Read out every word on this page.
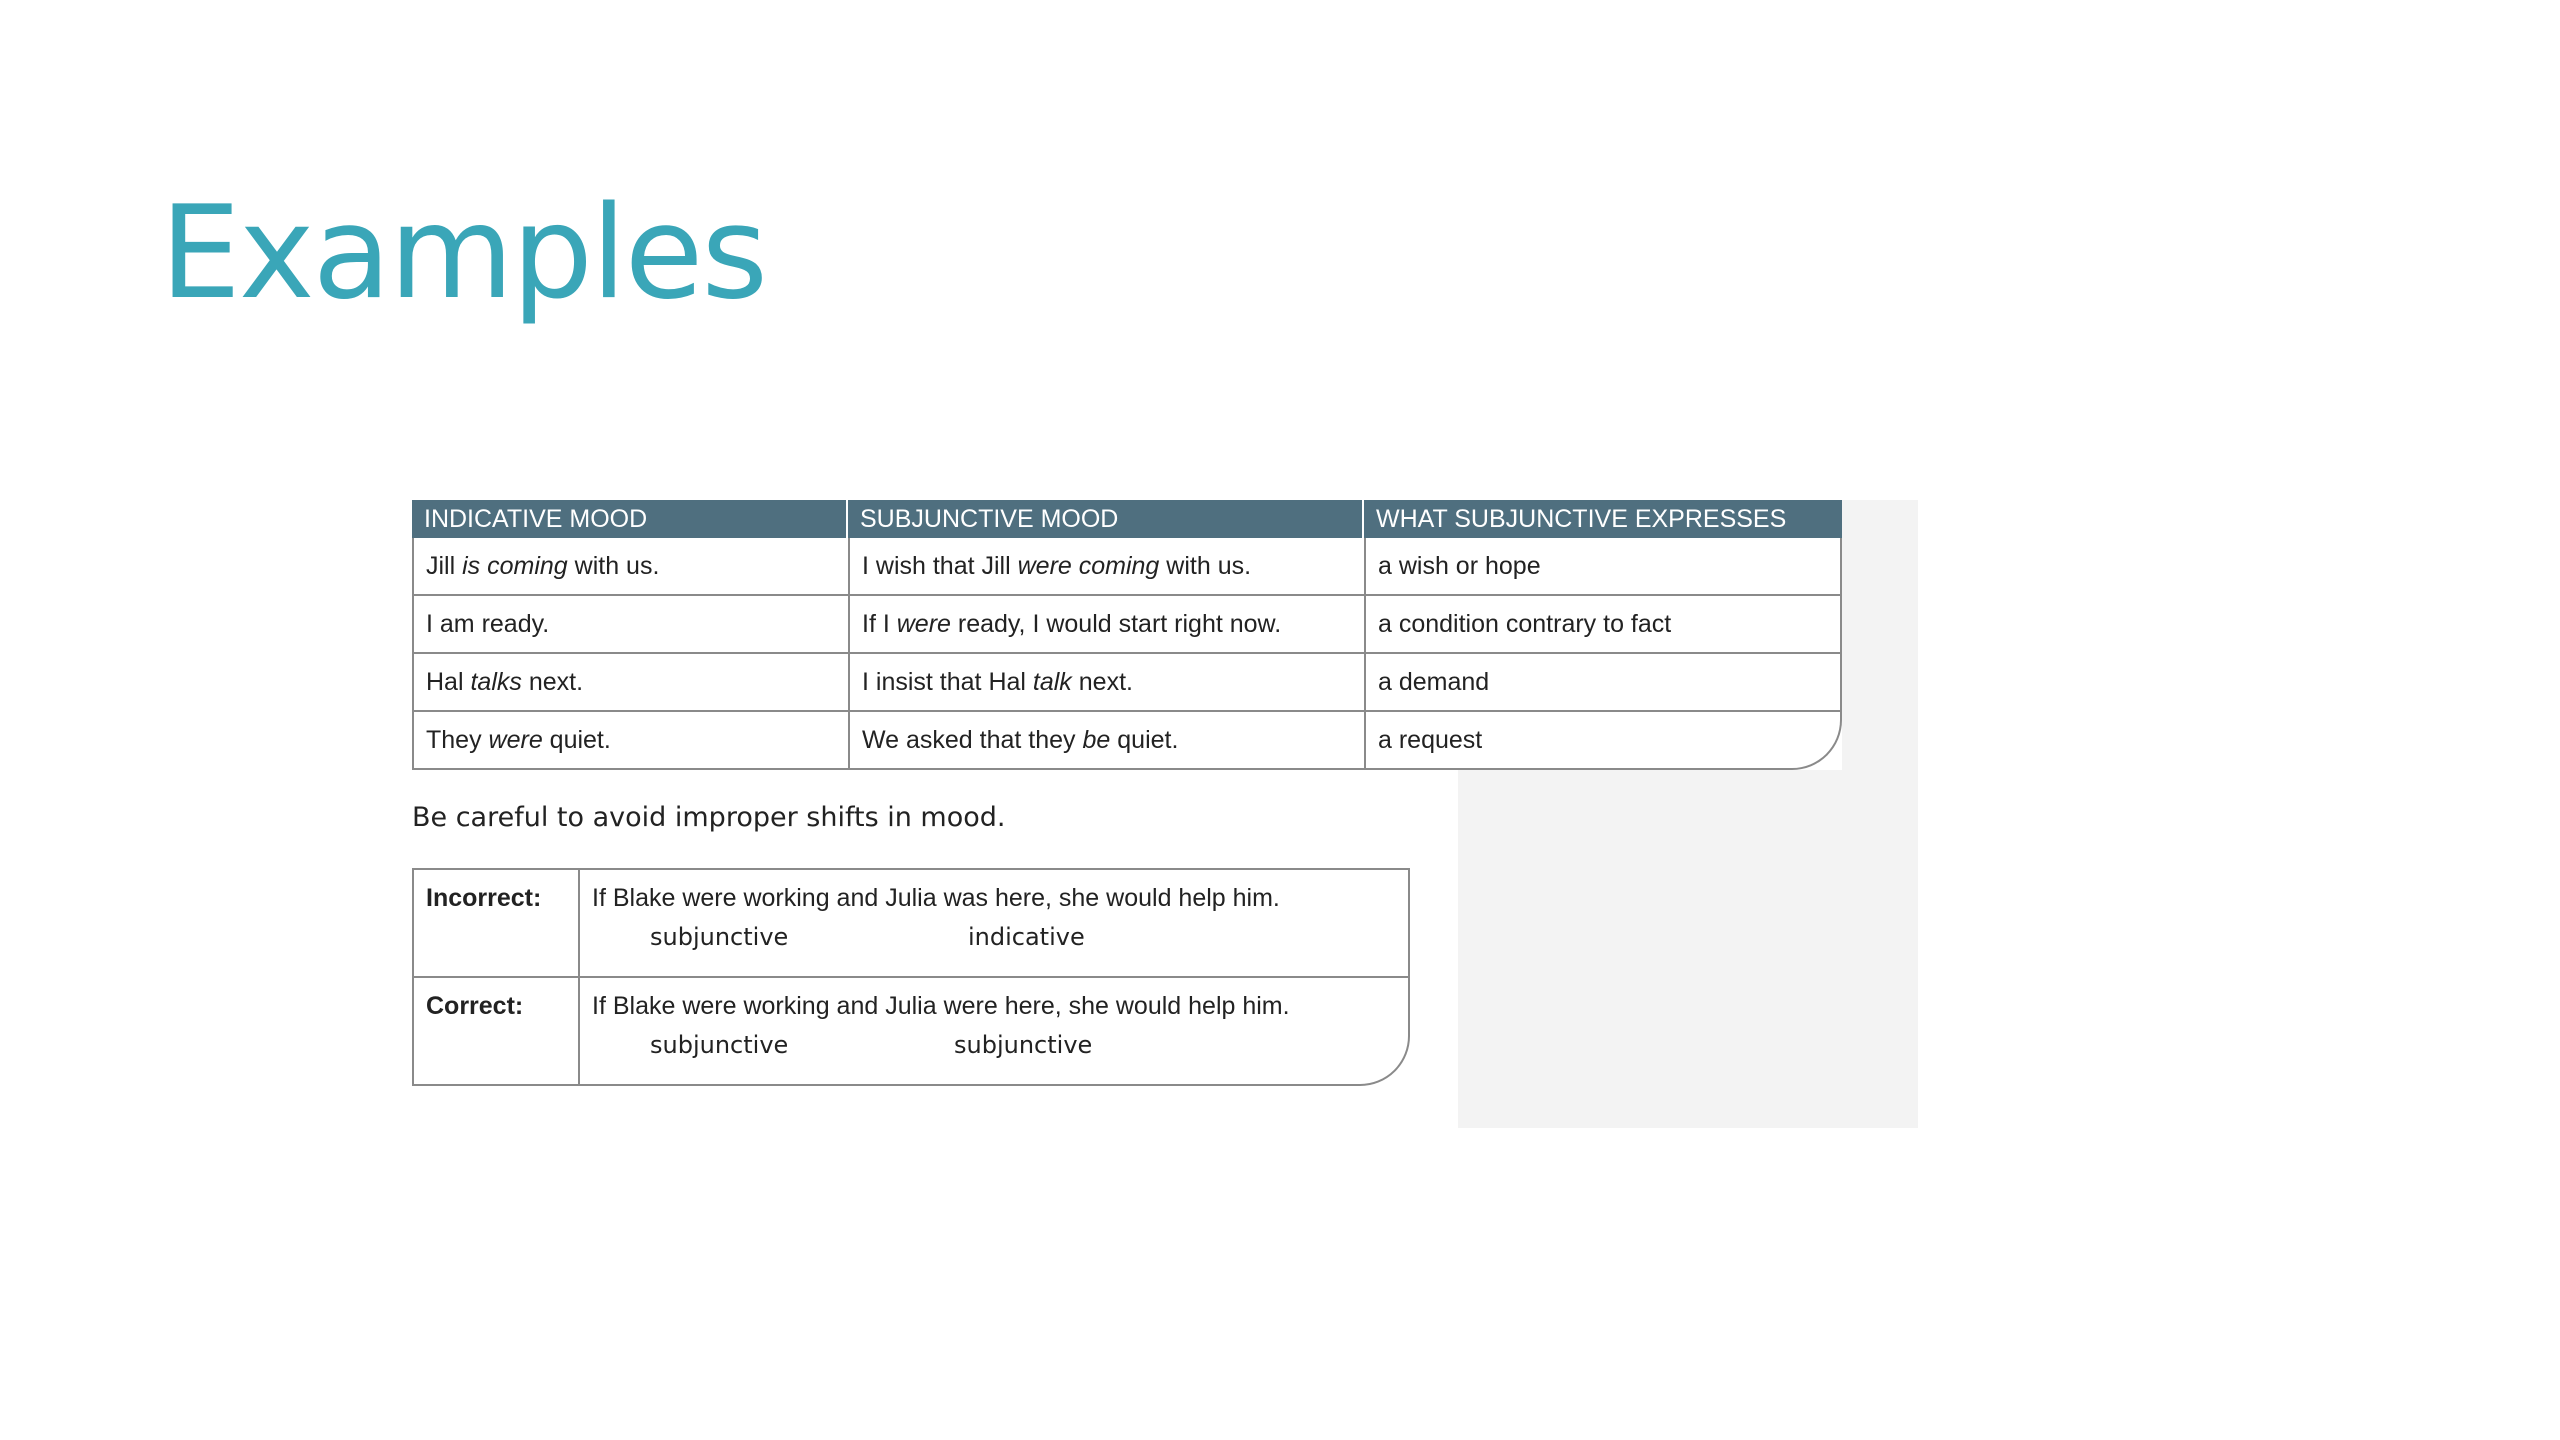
Examples
INDICATIVE MOOD	SUBJUNCTIVE MOOD	WHAT SUBJUNCTIVE EXPRESSES
Jill is coming with us.	I wish that Jill were coming with us.	a wish or hope
I am ready.	If I were ready, I would start right now.	a condition contrary to fact
Hal talks next.	I insist that Hal talk next.	a demand
They were quiet.	We asked that they be quiet.	a request
Be careful to avoid improper shifts in mood.
Incorrect:	If Blake were working and Julia was here, she would help him.
subjunctive indicative

Correct:	If Blake were working and Julia were here, she would help him.
subjunctive subjunctive
